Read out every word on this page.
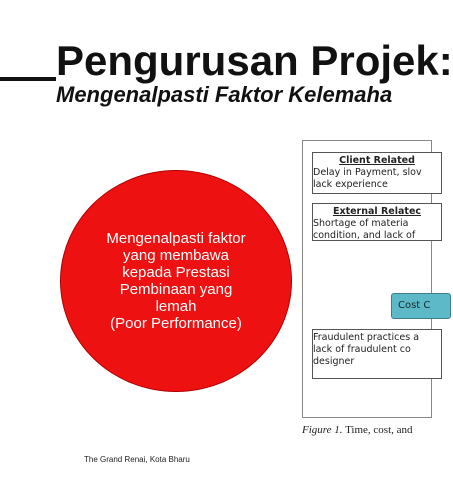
Pengurusan Projek:
Mengenalpasti Faktor Kelemaha
Mengenalpasti faktor
yang membawa
kepada Prestasi
Pembinaan yang
lemah
(Poor Performance)
Client Related
Delay in Payment, slov
lack experience
External Relatec
Shortage of materia
condition, and lack of
Cost C
Fraudulent practices a
lack of fraudulent co
designer

Figure 1. Time, cost, and

The Grand Renai, Kota Bharu
